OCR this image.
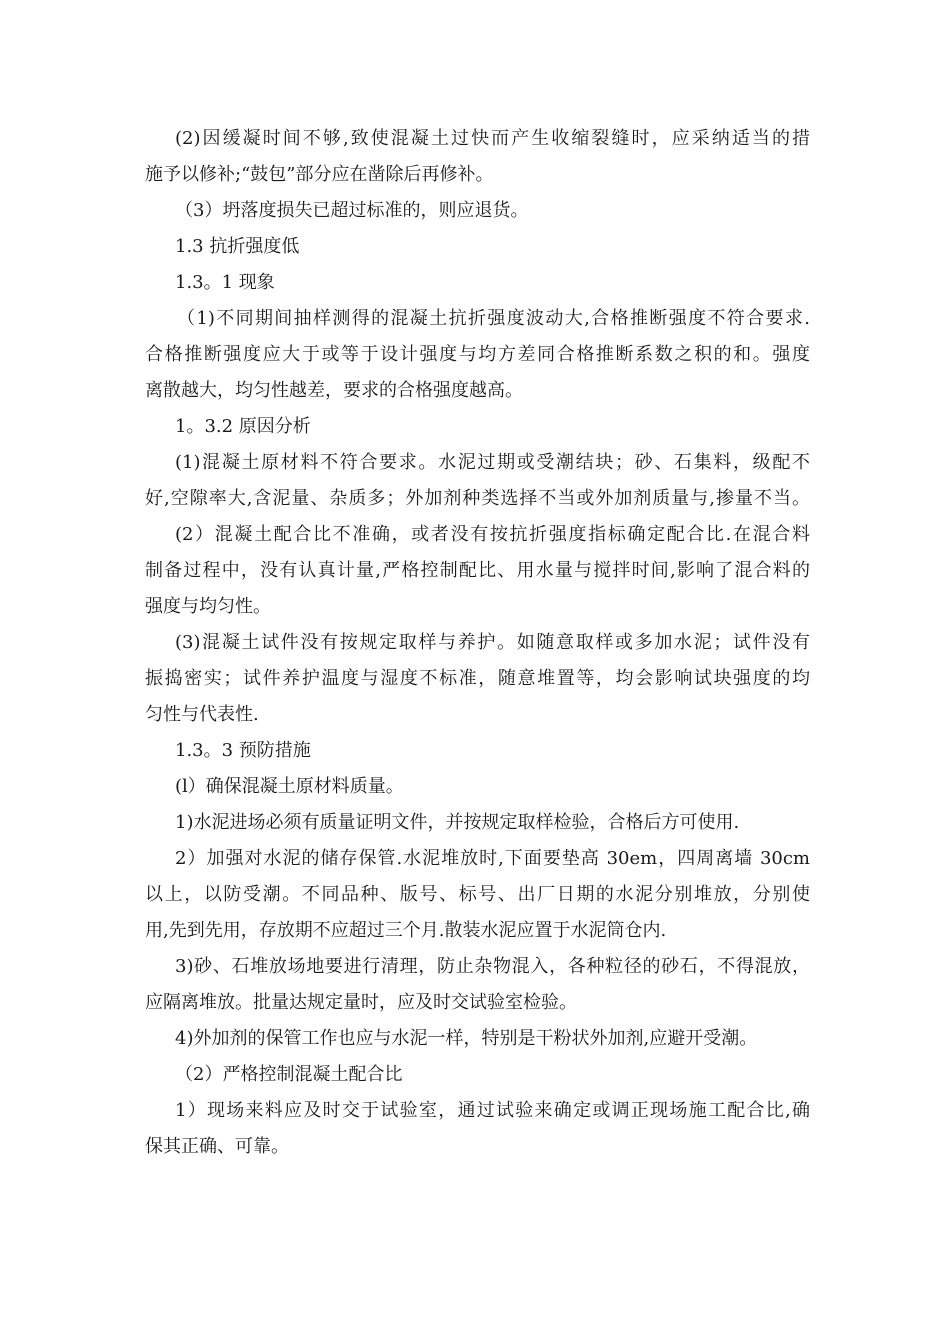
(2)因缓凝时间不够,致使混凝土过快而产生收缩裂缝时，应采纳适当的措
施予以修补;“鼓包”部分应在凿除后再修补。
（3）坍落度损失已超过标准的，则应退货。
1.3 抗折强度低
1.3。1 现象
（1)不同期间抽样测得的混凝土抗折强度波动大,合格推断强度不符合要求.
合格推断强度应大于或等于设计强度与均方差同合格推断系数之积的和。强度
离散越大，均匀性越差，要求的合格强度越高。
1。3.2 原因分析
(1)混凝土原材料不符合要求。水泥过期或受潮结块；砂、石集料，级配不
好,空隙率大,含泥量、杂质多；外加剂种类选择不当或外加剂质量与,掺量不当。
(2）混凝土配合比不准确，或者没有按抗折强度指标确定配合比.在混合料
制备过程中，没有认真计量,严格控制配比、用水量与搅拌时间,影响了混合料的
强度与均匀性。
(3)混凝土试件没有按规定取样与养护。如随意取样或多加水泥；试件没有
振捣密实；试件养护温度与湿度不标准，随意堆置等，均会影响试块强度的均
匀性与代表性.
1.3。3 预防措施
(l）确保混凝土原材料质量。
1)水泥进场必须有质量证明文件，并按规定取样检验，合格后方可使用.
2）加强对水泥的储存保管.水泥堆放时,下面要垫高 30em，四周离墙 30cm
以上，以防受潮。不同品种、版号、标号、出厂日期的水泥分别堆放，分别使
用,先到先用，存放期不应超过三个月.散装水泥应置于水泥筒仓内.
3)砂、石堆放场地要进行清理，防止杂物混入，各种粒径的砂石，不得混放，
应隔离堆放。批量达规定量时，应及时交试验室检验。
4)外加剂的保管工作也应与水泥一样，特别是干粉状外加剂,应避开受潮。
（2）严格控制混凝土配合比
1）现场来料应及时交于试验室，通过试验来确定或调正现场施工配合比,确
保其正确、可靠。
